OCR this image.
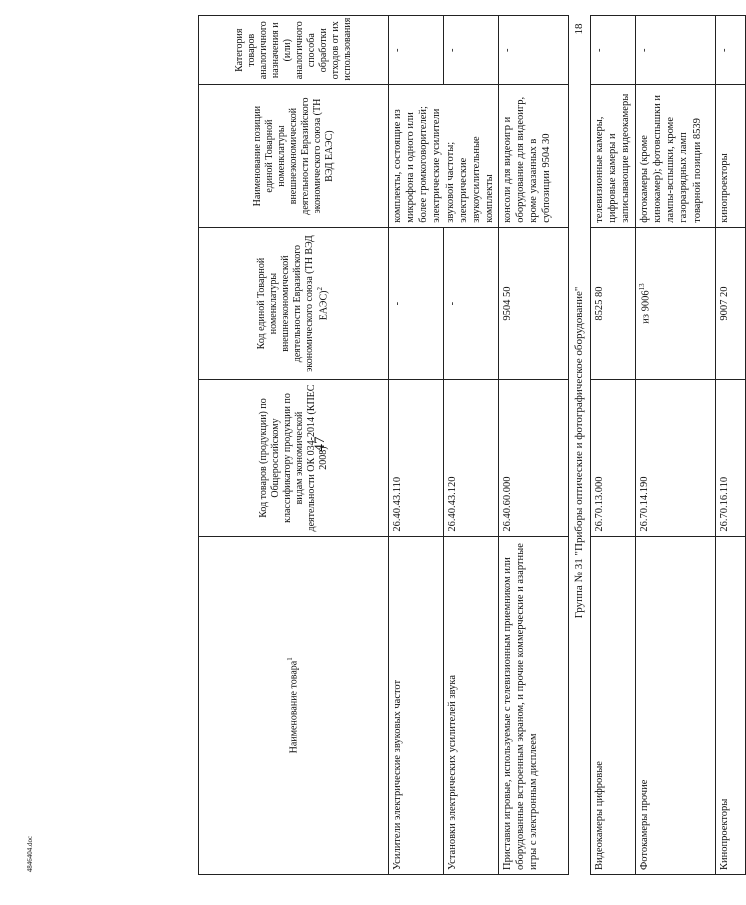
47
4846404.doc
Наименование товара$^1$	Код товаров (продукции) по Общероссийскому классификатору продукции по видам экономической деятельности ОК 034-2014 (КПЕС 2008)	Код единой Товарной номенклатуры внешнеэкономической деятельности Евразийского экономического союза (ТН ВЭД ЕАЭС)$^2$	Наименование позиции единой Товарной номенклатуры внешнеэкономической деятельности Евразийского экономического союза (ТН ВЭД ЕАЭС)	Категория товаров аналогичного назначения и (или) аналогичного способа обработки отходов от их использования
Усилители электрические звуковых частот	26.40.43.110	-	комплекты, состоящие из микрофона и одного или более громкоговорителей; электрические усилители звуковой частоты; электрические звукоусилительные комплекты	-
Установки электрических усилителей звука	26.40.43.120	-		-
Приставки игровые, используемые с телевизионным приемником или оборудованные встроенным экраном, и прочие коммерческие и азартные игры с электронным дисплеем	26.40.60.000	9504 50	консоли для видеоигр и оборудование для видеоигр, кроме указанных в субпозиции 9504 30	-
Группа № 31 "Приборы оптические и фотографическое оборудование"
18				

Видеокамеры цифровые	26.70.13.000	8525 80	телевизионные камеры, цифровые камеры и записывающие видеокамеры	-
Фотокамеры прочие	26.70.14.190	из 9006$^{13}$	фотокамеры (кроме кинокамер); фотовспышки и лампы-вспышки, кроме газоразрядных ламп товарной позиции 8539	-
Кинопроекторы	26.70.16.110	9007 20	кинопроекторы	-
